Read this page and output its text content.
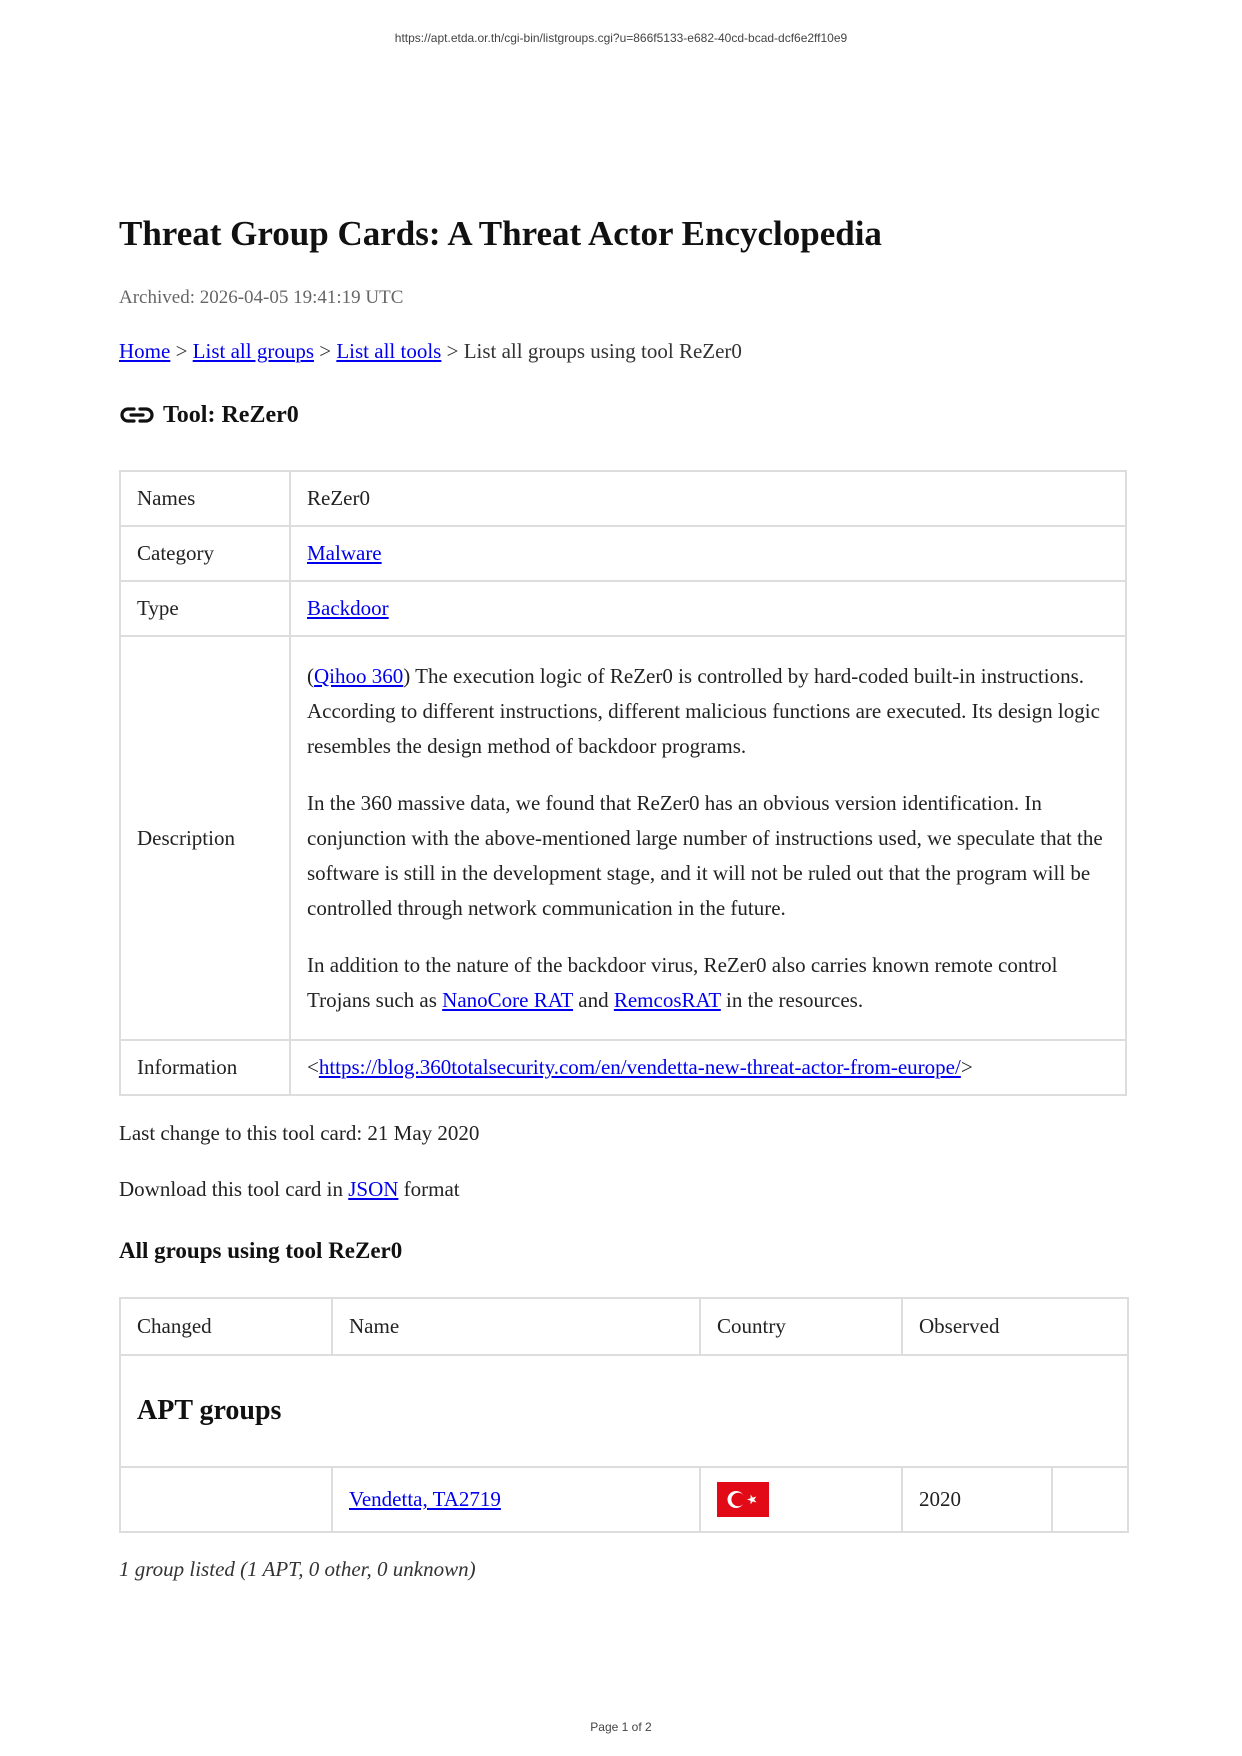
https://apt.etda.or.th/cgi-bin/listgroups.cgi?u=866f5133-e682-40cd-bcad-dcf6e2ff10e9
Threat Group Cards: A Threat Actor Encyclopedia
Archived: 2026-04-05 19:41:19 UTC
Home > List all groups > List all tools > List all groups using tool ReZer0
Tool: ReZer0
Names	ReZer0
Category	Malware
Type	Backdoor
Description	(Qihoo 360) The execution logic of ReZer0 is controlled by hard-coded built-in instructions. According to different instructions, different malicious functions are executed. Its design logic resembles the design method of backdoor programs.

In the 360 massive data, we found that ReZer0 has an obvious version identification. In conjunction with the above-mentioned large number of instructions used, we speculate that the software is still in the development stage, and it will not be ruled out that the program will be controlled through network communication in the future.

In addition to the nature of the backdoor virus, ReZer0 also carries known remote control Trojans such as NanoCore RAT and RemcosRAT in the resources.

Information	<https://blog.360totalsecurity.com/en/vendetta-new-threat-actor-from-europe/>
Last change to this tool card: 21 May 2020
Download this tool card in JSON format
All groups using tool ReZer0
Changed	Name	Country	Observed	
APT groups				
	Vendetta, TA2719		2020	
1 group listed (1 APT, 0 other, 0 unknown)
Page 1 of 2
